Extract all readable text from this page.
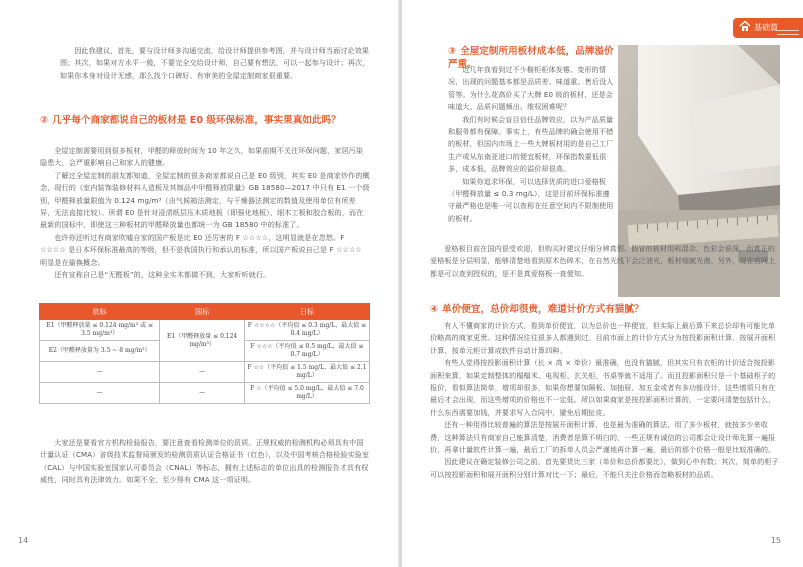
因此我建议，首先，要与设计师多沟通交流，给设计师提供参考图，并与设计师当面讨论效果图；其次，如果对方水平一般，不要完全交给设计师，自己要有想法，可以一起参与设计；再次，如果你本身对设计无感，那么找个口碑好、有审美的全屋定制商家很重要。

② 几乎每个商家都说自己的板材是 E0 级环保标准，事实果真如此吗？

全屋定制需要用到很多板材，甲醛的释放时间为 10 年之久，如果前期不关注环保问题，家居污染隐患大，会严重影响自己和家人的健康。

了解过全屋定制的朋友都知道，全屋定制的很多商家都说自己是 E0 级别，其实 E0 是商家炒作的概念，现行的《室内装饰装修材料人造板及其制品中甲醛释放限量》GB 18580—2017 中只有 E1 一个级别，甲醛释放量限值为 0.124 mg/m³（由气候箱法测定，与干燥器法测定的数值及使用单位有所差异，无法直接比较）。所谓 E0 是针对浸渍纸层压木质地板（即强化地板）、细木工板和胶合板的，而在最新的国标中，即使这三种板材的甲醛释放量也都统一为 GB 18580 中的标准了。

也许你还听过有商家吹嘘自家的国产板是比 E0 还厉害的 F ☆☆☆☆，这明显就是在忽悠。F ☆☆☆☆ 是日本环保标准最高的等级，但不是我国执行和承认的标准，所以国产板说自己是 F ☆☆☆☆ 明显是在偷换概念。

还有宣称自己是“无醛板”的，这种全实木都做不到，大家听听就行。

欧标	国标	日标
E1（甲醛释放量 ≤ 0.124 mg/m³ 或 ≤ 3.5 mg/m³）	E1（甲醛释放量 ≤ 0.124 mg/m³）	F ☆☆☆☆（平均值 ≤ 0.3 mg/L，最大值 ≤ 0.4 mg/L）
E2（甲醛释放量为 3.5 ~ 8 mg/m³）		F ☆☆☆（平均值 ≤ 0.5 mg/L，最大值 ≤ 0.7 mg/L）
—	—	F ☆☆（平均值 ≤ 1.5 mg/L，最大值 ≤ 2.1 mg/L）
—	—	F ☆（平均值 ≤ 5.0 mg/L，最大值 ≤ 7.0 mg/L）

大家还是要看官方机构检验报告，要注意查看检测单位的资质。正规权威的检测机构必须具有中国计量认证（CMA）省级技术监督局颁发的检测资质认证合格证书（红色），以及中国考核合格检验实验室（CAL）与中国实验室国家认可委员会（CNAL）等标志，拥有上述标志的单位出具的检测报告才具有权威性，同时具有法律效力。如果不全，至少得有 CMA 这一项证明。

14
基础篇
③ 全屋定制所用板材成本低，品牌溢价严重。

近几年我看到过不少橱柜柜体发霉、变形的情况，出现的问题基本都是品质差、味道重、售后没人管等。为什么花高价买了大牌 E0 级的板材，还是会味道大、品质问题频出、维权困难呢？

我们有时候会盲目信任品牌效应，以为产品质量和服务都有保障。事实上，有些品牌的确会使用不错的板材，但国内市场上一些大牌板材用的是自己工厂生产或从东南亚进口的便宜板材，环保指数要低很多，成本低，品牌效应的溢价却很高。

如果你追求环保，可以选择优质的进口爱格板（甲醛释放量 ≤ 0.3 mg/L），这是目前环保标准遵守最严格也是唯一可以查称在任意空间内不限制使用的板材。

爱格板目前在国内很受欢迎，但购买时建议仔细分辨真假。假冒的板材用料混杂，色彩会很深，而真正的爱格板是分层明显，能够清楚地看到原木色碎木，在自然光线下会泛油光，板材细腻光滑。另外，现在官网上都是可以查到授权的，是不是真爱格板一查便知。

④ 单价便宜，总价却很贵，难道计价方式有猫腻？

有人不懂商家的计价方式，看到单价便宜，以为总价也一样便宜，但实际上最后算下来总价却有可能比单价略高的商家更贵。这种情况往往很多人都遇到过。目前市面上的计价方式分为按投影面积计算、按展开面积计算、按单元柜计算或软件自动计算四种。

有些人觉得按投影面积计算（长 × 高 × 单价）最准确，也没有猫腻，但其实只有衣柜的计价适合按投影面积来算，如果定制整体的榻榻米、电视柜、玄关柜、书桌等就不适用了。而且投影面积只是一个基础柜子的报价，看似算法简单，增项却很多，如果你想要加隔板、加抽屉、加五金或者有多功能设计，这些增项只有在最后才会出现，而这些增项的价格也不一定低。所以如果商家是按投影面积计算的，一定要问清楚包括什么，什么东西需要加钱，并要求写入合同中，避免后期扯皮。

还有一种用得比较普遍的算法是按展开面积计算，也是最为准确的算法，用了多少板材，就按多少来收费，这种算法只有商家自己能算清楚，消费者是算不明白的，一些正规有诚信的公司都会让设计师先算一遍报价，再拿计量软件计算一遍，最后工厂的拆单人员会严谨地再计算一遍，最后的那个价格一般是比较准确的。

因此建议在确定装修公司之前，首先要货比三家（单价和总价都要比），做到心中有数；其次，简单的柜子可以按投影面积和展开面积分别计算对比一下；最后，不能只关注价格而忽略板材的品质。

15
